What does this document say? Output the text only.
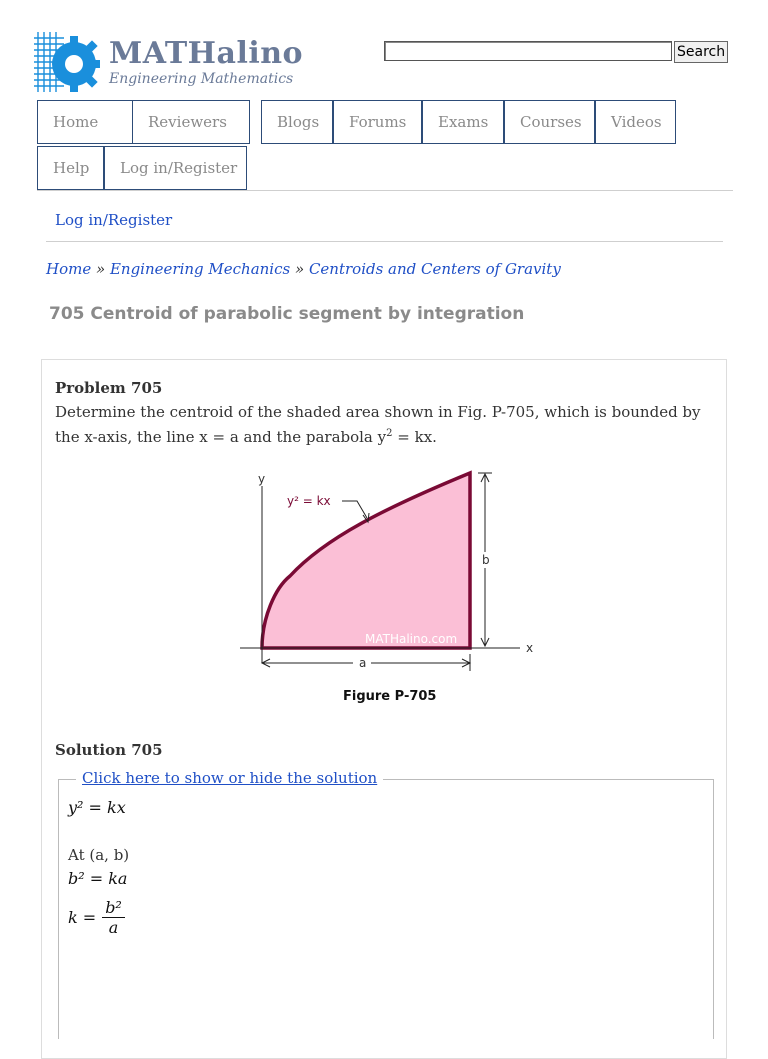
MATHalino
Engineering Mathematics
Search
Home	Reviewers	Blogs	Forums	Exams	Courses	Videos
Help	Log in/Register
Log in/Register
Home » Engineering Mechanics » Centroids and Centers of Gravity
705 Centroid of parabolic segment by integration
Problem 705
Determine the centroid of the shaded area shown in Fig. P-705, which is bounded by the x-axis, the line x = a and the parabola $y^2$ = kx.
y
x
y² = kx
b
a
MATHalino.com
Figure P-705
Solution 705
Click here to show or hide the solution
y² = kx
At (a, b)
b² = ka
$k = \frac{\text{b²}}{a}$
